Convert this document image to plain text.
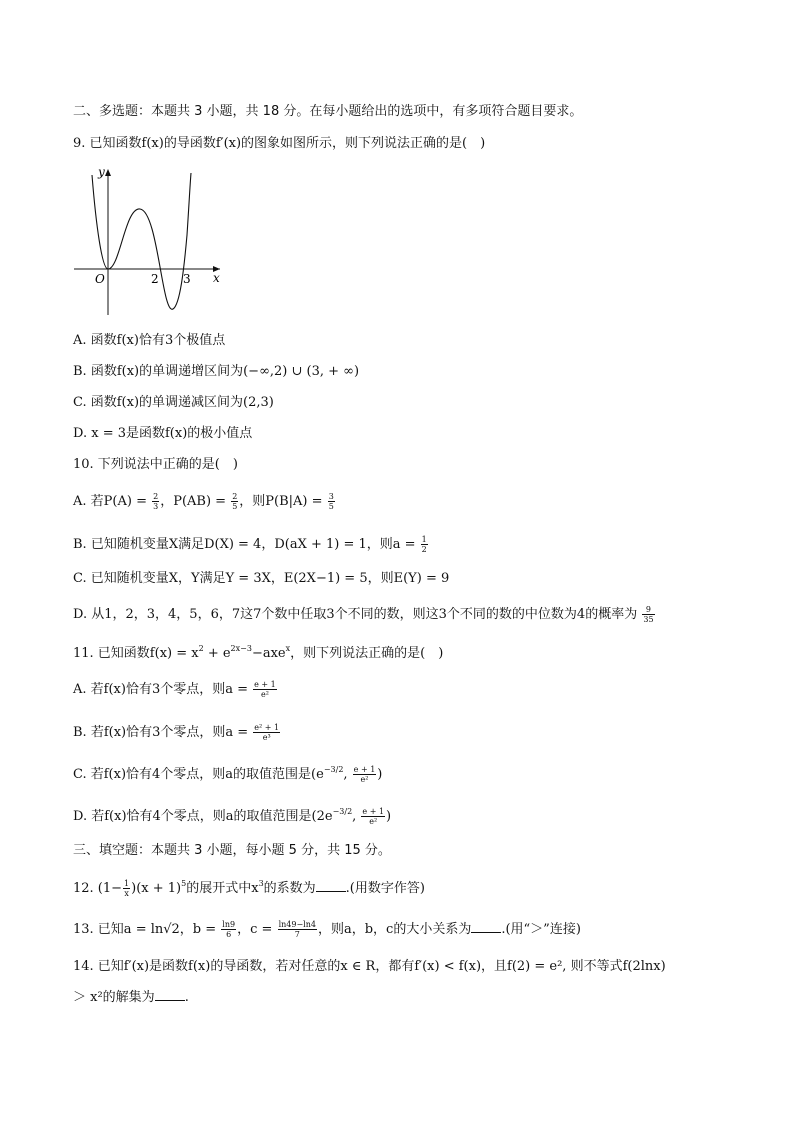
二、多选题：本题共 3 小题，共 18 分。在每小题给出的选项中，有多项符合题目要求。
9. 已知函数f(x)的导函数f′(x)的图象如图所示，则下列说法正确的是(　)
y
x
O	2 3
A. 函数f(x)恰有3个极值点
B. 函数f(x)的单调递增区间为(−∞,2) ∪ (3, + ∞)
C. 函数f(x)的单调递减区间为(2,3)
D. x = 3是函数f(x)的极小值点
10. 下列说法中正确的是(　)
A. 若$P(A) = \frac{2}{3}$ ，$P(AB) = \frac{2}{5}$ ，则$P(B|A) = \frac{3}{5}$
B. 已知随机变量X满足D(X) = 4，D(aX + 1) = 1，则$a = \frac{1}{2}$
C. 已知随机变量X，Y满足Y = 3X，E(2X−1) = 5，则E(Y) = 9
D. 从1，2，3，4，5，6，7这7个数中任取3个不同的数，则这3个不同的数的中位数为4的概率为 $\frac{9}{35}$
11. 已知函数$f(x) = x^2 + e^{2x-3}-axe^x$，则下列说法正确的是(　)
A. 若f(x)恰有3个零点，则$a = \frac{e + 1}{\text{e²}}$
B. 若f(x)恰有3个零点，则$a = \frac{\text{e² + 1}}{\text{e³}}$
C. 若f(x)恰有4个零点，则a的取值范围是($e^{-3/2}$, $\frac{e + 1}{\text{e²}}$ )
D. 若f(x)恰有4个零点，则a的取值范围是($2e^{-3/2}$, $\frac{e + 1}{\text{e²}}$ )
三、填空题：本题共 3 小题，每小题 5 分，共 15 分。
12. $(1- \frac{1}{x} )(x + 1)^5$的展开式中$x^3$的系数为 .(用数字作答)
13. 已知a = ln√2，$b = \frac{\ln 9}{6}$ ，$c = \frac{\ln 49-\ln 4}{7}$ ，则a，b，c的大小关系为 .(用“＞”连接)
14. 已知f′(x)是函数f(x)的导函数，若对任意的x ∈ R，都有f′(x) < f(x)，且f(2) = e², 则不等式f(2lnx)
＞ x²的解集为 .
